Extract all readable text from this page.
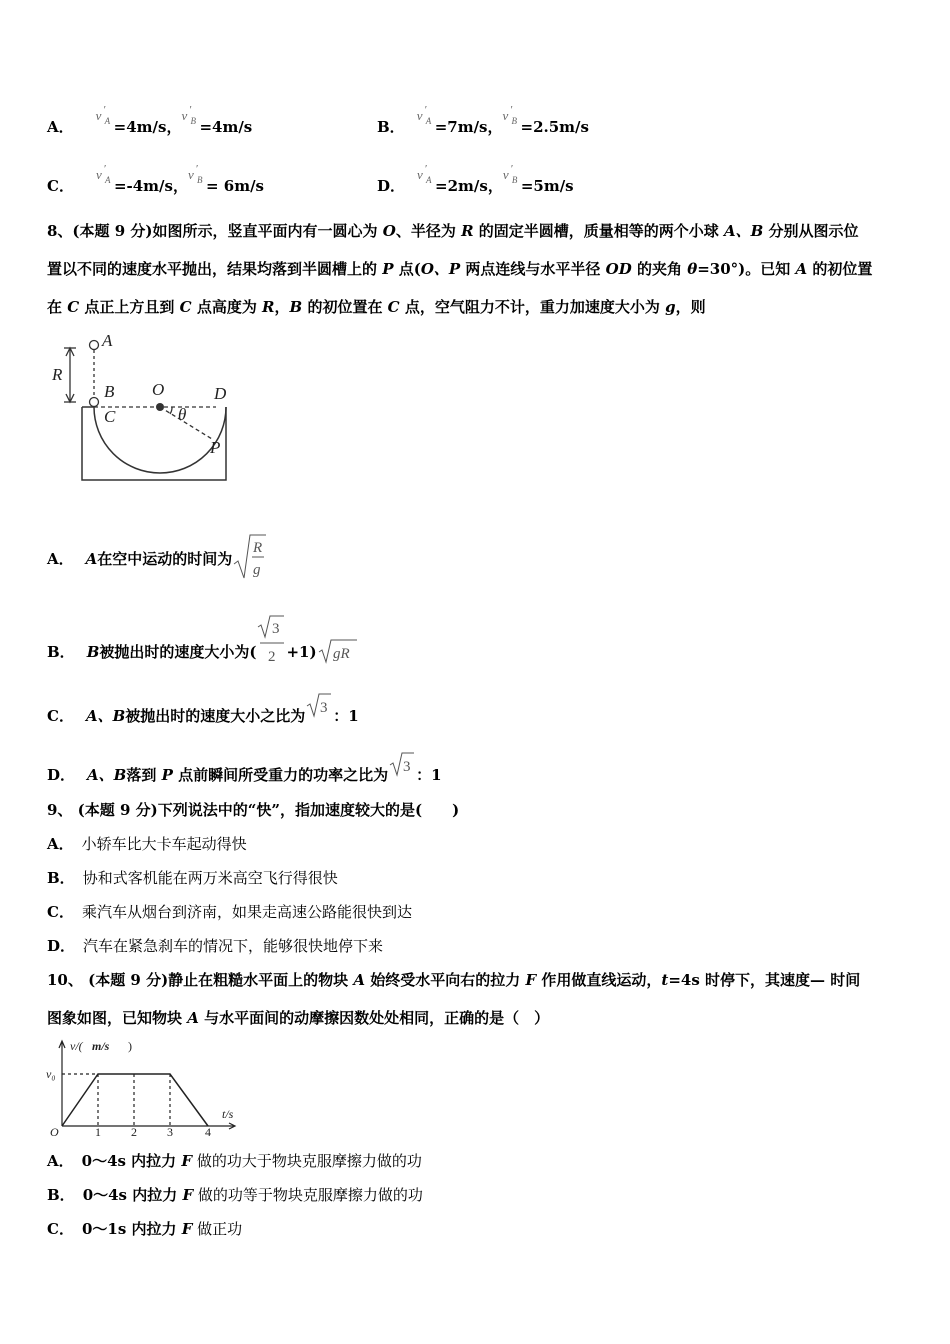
A．
v ′
A =4m/s，
v ′
B =4m/s	B．
v ′
A =7m/s，
v ′
B =2.5m/s
C．
v ′
A =-4m/s，
v ′
B = 6m/s	D．
v ′
A =2m/s，
v ′
B =5m/s
8、(本题 9 分)如图所示，竖直平面内有一圆心为 O、半径为 R 的固定半圆槽，质量相等的两个小球 A、B 分别从图示位
置以不同的速度水平抛出，结果均落到半圆槽上的 P 点(O、P 两点连线与水平半径 OD 的夹角 θ=30°)。已知 A 的初位置
在 C 点正上方且到 C 点高度为 R，B 的初位置在 C 点，空气阻力不计，重力加速度大小为 g，则
A
R
B
C
O	D
θ
P
A． A在空中运动的时间为
R
g
B． B被抛出时的速度大小为(
3
2 +1) gR
C． A、B被抛出时的速度大小之比为 3 ：1
D． A、B落到 P 点前瞬间所受重力的功率之比为 3 ：1
9、 (本题 9 分)下列说法中的“快”，指加速度较大的是(　　)
A． 小轿车比大卡车起动得快
B． 协和式客机能在两万米高空飞行得很快
C． 乘汽车从烟台到济南，如果走高速公路能很快到达
D． 汽车在紧急刹车的情况下，能够很快地停下来
10、 (本题 9 分)静止在粗糙水平面上的物块 A 始终受水平向右的拉力 F 作用做直线运动，t=4s 时停下，其速度— 时间
图象如图，已知物块 A 与水平面间的动摩擦因数处处相同，正确的是（　）
v/( m/s )
v₀
O	1	2	3	4
t/s
A． 0～4s 内拉力 F 做的功大于物块克服摩擦力做的功
B． 0～4s 内拉力 F 做的功等于物块克服摩擦力做的功
C． 0～1s 内拉力 F 做正功
